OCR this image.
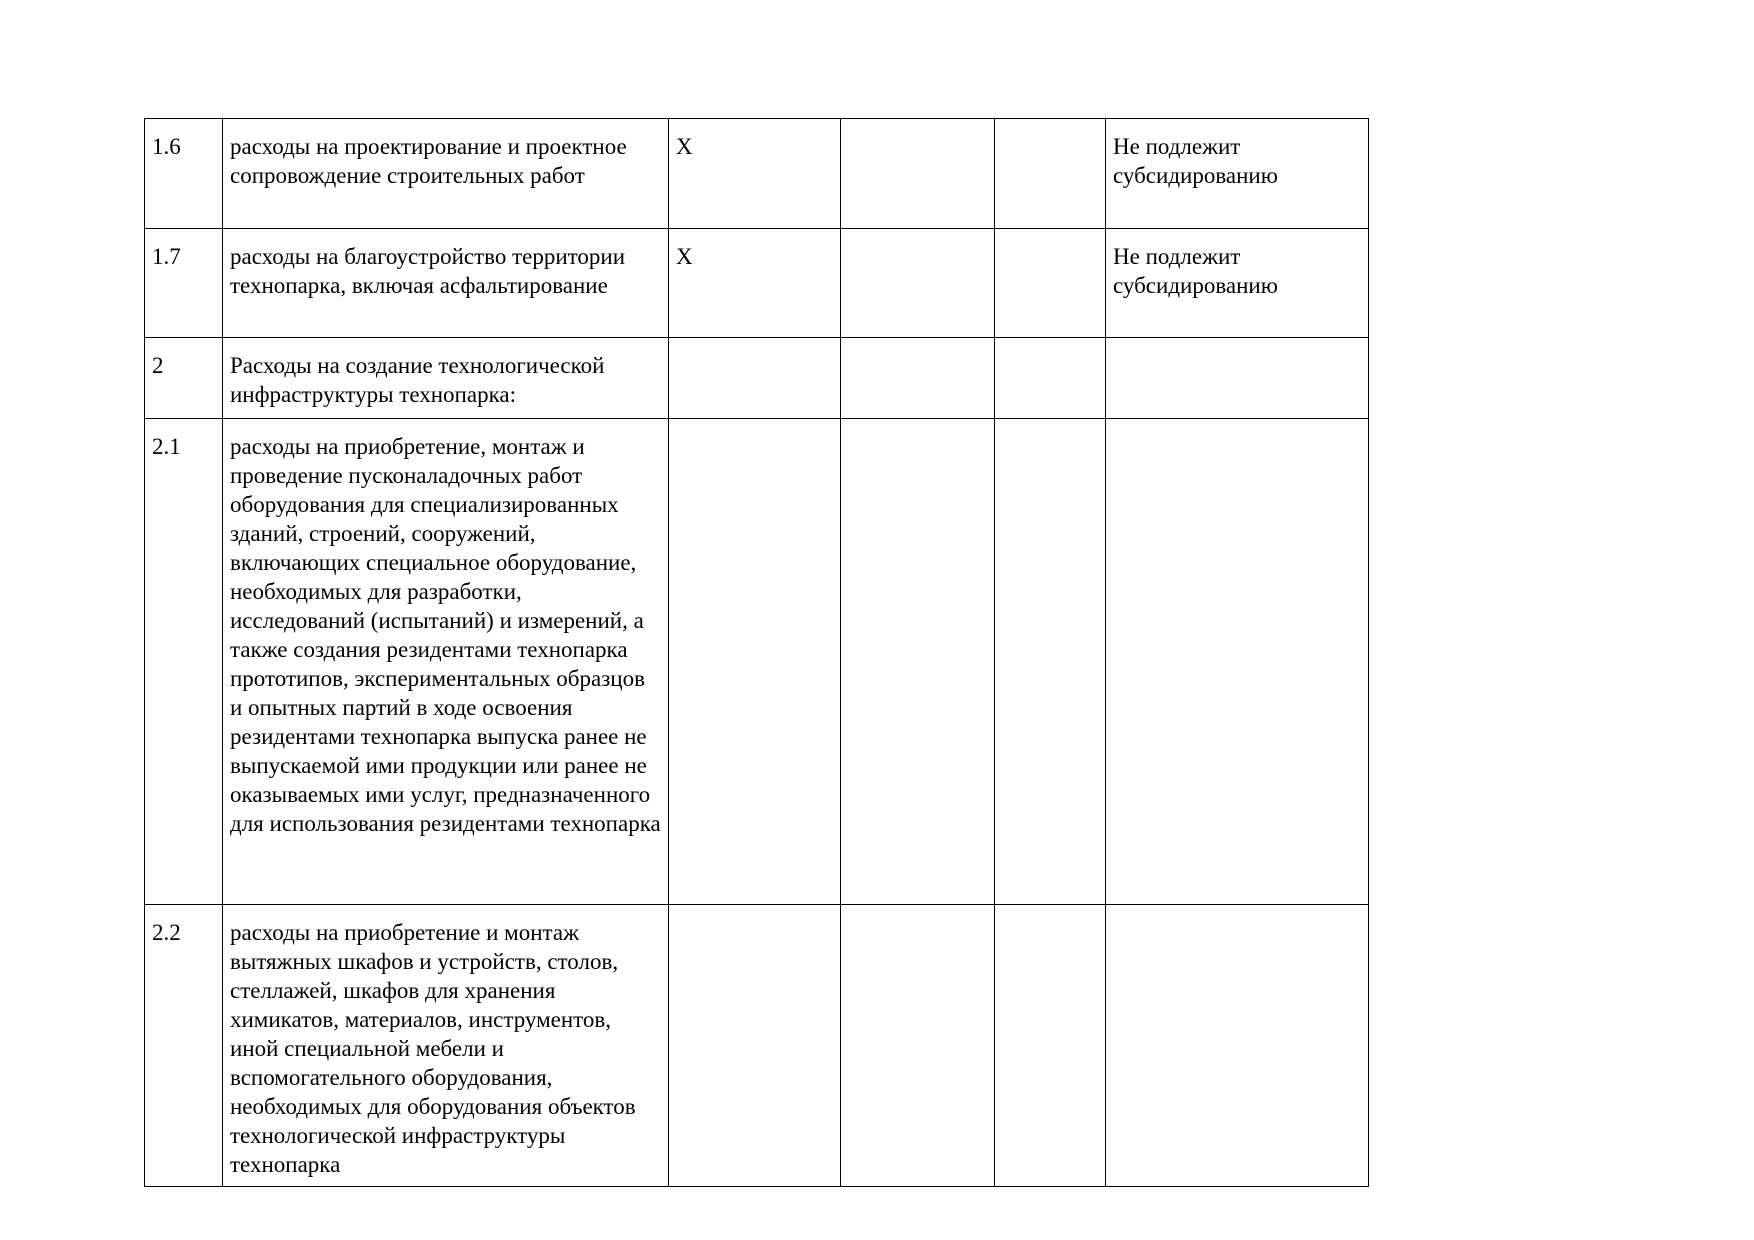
1.6	расходы на проектирование и проектное сопровождение строительных работ	Х			Не подлежит субсидированию
1.7	расходы на благоустройство территории технопарка, включая асфальтирование	Х			Не подлежит субсидированию
2	Расходы на создание технологической инфраструктуры технопарка:				
2.1	расходы на приобретение, монтаж и проведение пусконаладочных работ оборудования для специализированных зданий, строений, сооружений, включающих специальное оборудование, необходимых для разработки, исследований (испытаний) и измерений, а также создания резидентами технопарка прототипов, экспериментальных образцов и опытных партий в ходе освоения резидентами технопарка выпуска ранее не выпускаемой ими продукции или ранее не оказываемых ими услуг, предназначенного для использования резидентами технопарка				
2.2	расходы на приобретение и монтаж вытяжных шкафов и устройств, столов, стеллажей, шкафов для хранения химикатов, материалов, инструментов, иной специальной мебели и вспомогательного оборудования, необходимых для оборудования объектов технологической инфраструктуры технопарка				
